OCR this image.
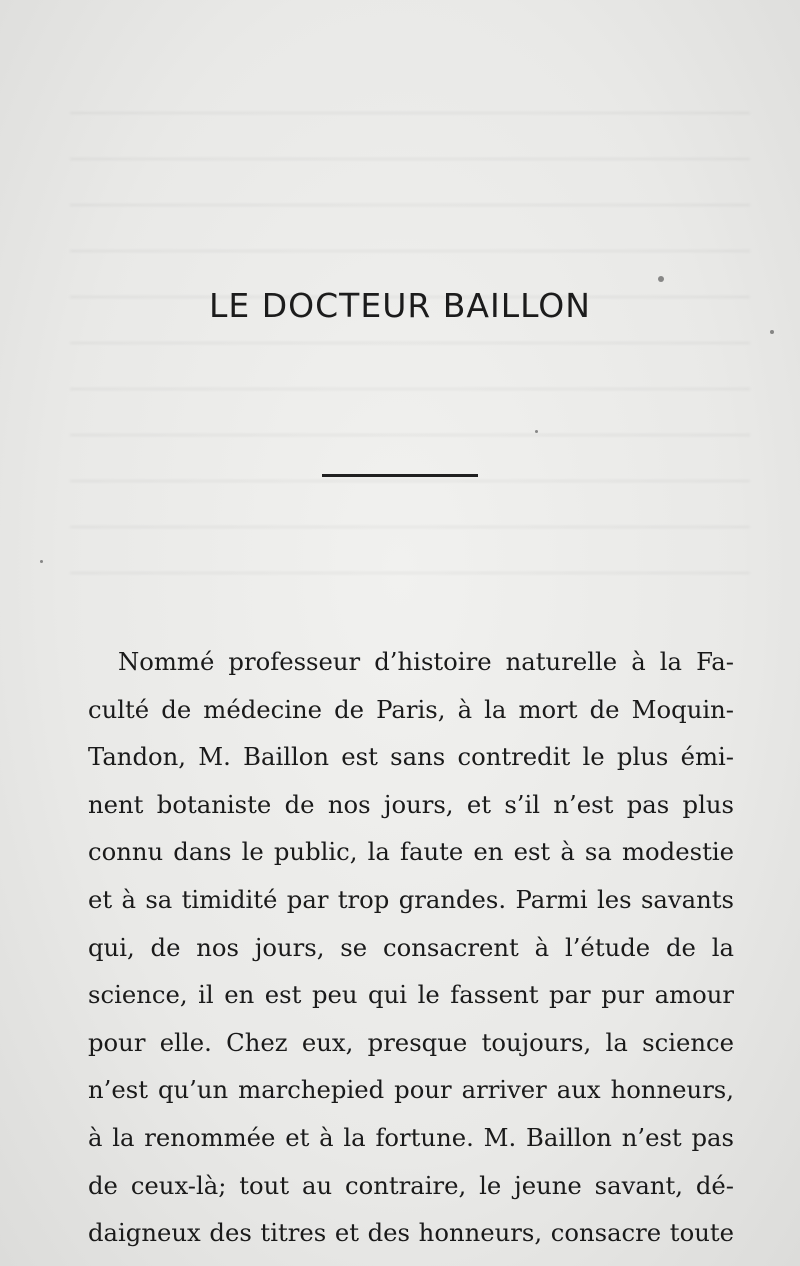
LE DOCTEUR BAILLON
Nommé professeur d’histoire naturelle à la Fa-
culté de médecine de Paris, à la mort de Moquin-
Tandon, M. Baillon est sans contredit le plus émi-
nent botaniste de nos jours, et s’il n’est pas plus
connu dans le public, la faute en est à sa modestie
et à sa timidité par trop grandes. Parmi les savants
qui, de nos jours, se consacrent à l’étude de la
science, il en est peu qui le fassent par pur amour
pour elle. Chez eux, presque toujours, la science
n’est qu’un marchepied pour arriver aux honneurs,
à la renommée et à la fortune. M. Baillon n’est pas
de ceux-là; tout au contraire, le jeune savant, dé-
daigneux des titres et des honneurs, consacre toute
